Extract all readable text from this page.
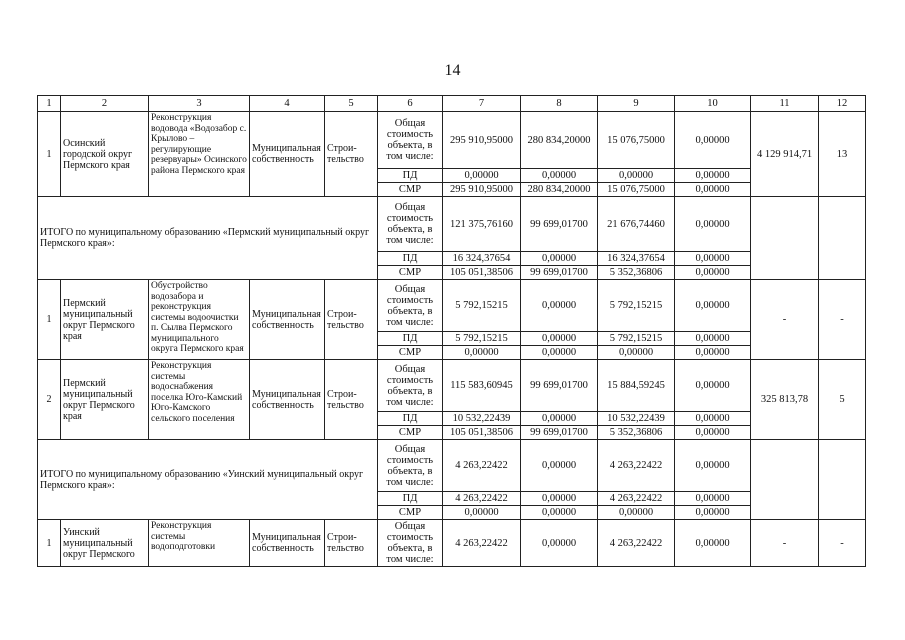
14
1	2	3	4	5	6	7	8	9	10	11	12
1	Осинский городской округ Пермского края	Реконструкция водовода «Водозабор с. Крылово – регулирующие резервуары» Осинского района Пермского края	Муниципальная собственность	Строи-тельство	Общая стоимость объекта, в том числе:	295 910,95000	280 834,20000	15 076,75000	0,00000	4 129 914,71	13
					ПД	0,00000	0,00000	0,00000	0,00000		
					СМР	295 910,95000	280 834,20000	15 076,75000	0,00000		
ИТОГО по муниципальному образованию «Пермский муниципальный округ Пермского края»:					Общая стоимость объекта, в том числе:	121 375,76160	99 699,01700	21 676,74460	0,00000		
					ПД	16 324,37654	0,00000	16 324,37654	0,00000		
					СМР	105 051,38506	99 699,01700	5 352,36806	0,00000		
1	Пермский муниципальный округ Пермского края	Обустройство водозабора и реконструкция системы водоочистки п. Сылва Пермского муниципального округа Пермского края	Муниципальная собственность	Строи-тельство	Общая стоимость объекта, в том числе:	5 792,15215	0,00000	5 792,15215	0,00000	-	-
					ПД	5 792,15215	0,00000	5 792,15215	0,00000		
					СМР	0,00000	0,00000	0,00000	0,00000		
2	Пермский муниципальный округ Пермского края	Реконструкция системы водоснабжения поселка Юго-Камский Юго-Камского сельского поселения	Муниципальная собственность	Строи-тельство	Общая стоимость объекта, в том числе:	115 583,60945	99 699,01700	15 884,59245	0,00000	325 813,78	5
					ПД	10 532,22439	0,00000	10 532,22439	0,00000		
					СМР	105 051,38506	99 699,01700	5 352,36806	0,00000		
ИТОГО по муниципальному образованию «Уинский муниципальный округ Пермского края»:					Общая стоимость объекта, в том числе:	4 263,22422	0,00000	4 263,22422	0,00000		
					ПД	4 263,22422	0,00000	4 263,22422	0,00000		
					СМР	0,00000	0,00000	0,00000	0,00000		
1	Уинский муниципальный округ Пермского	Реконструкция системы водоподготовки	Муниципальная собственность	Строи-тельство	Общая стоимость объекта, в том числе:	4 263,22422	0,00000	4 263,22422	0,00000	-	-
